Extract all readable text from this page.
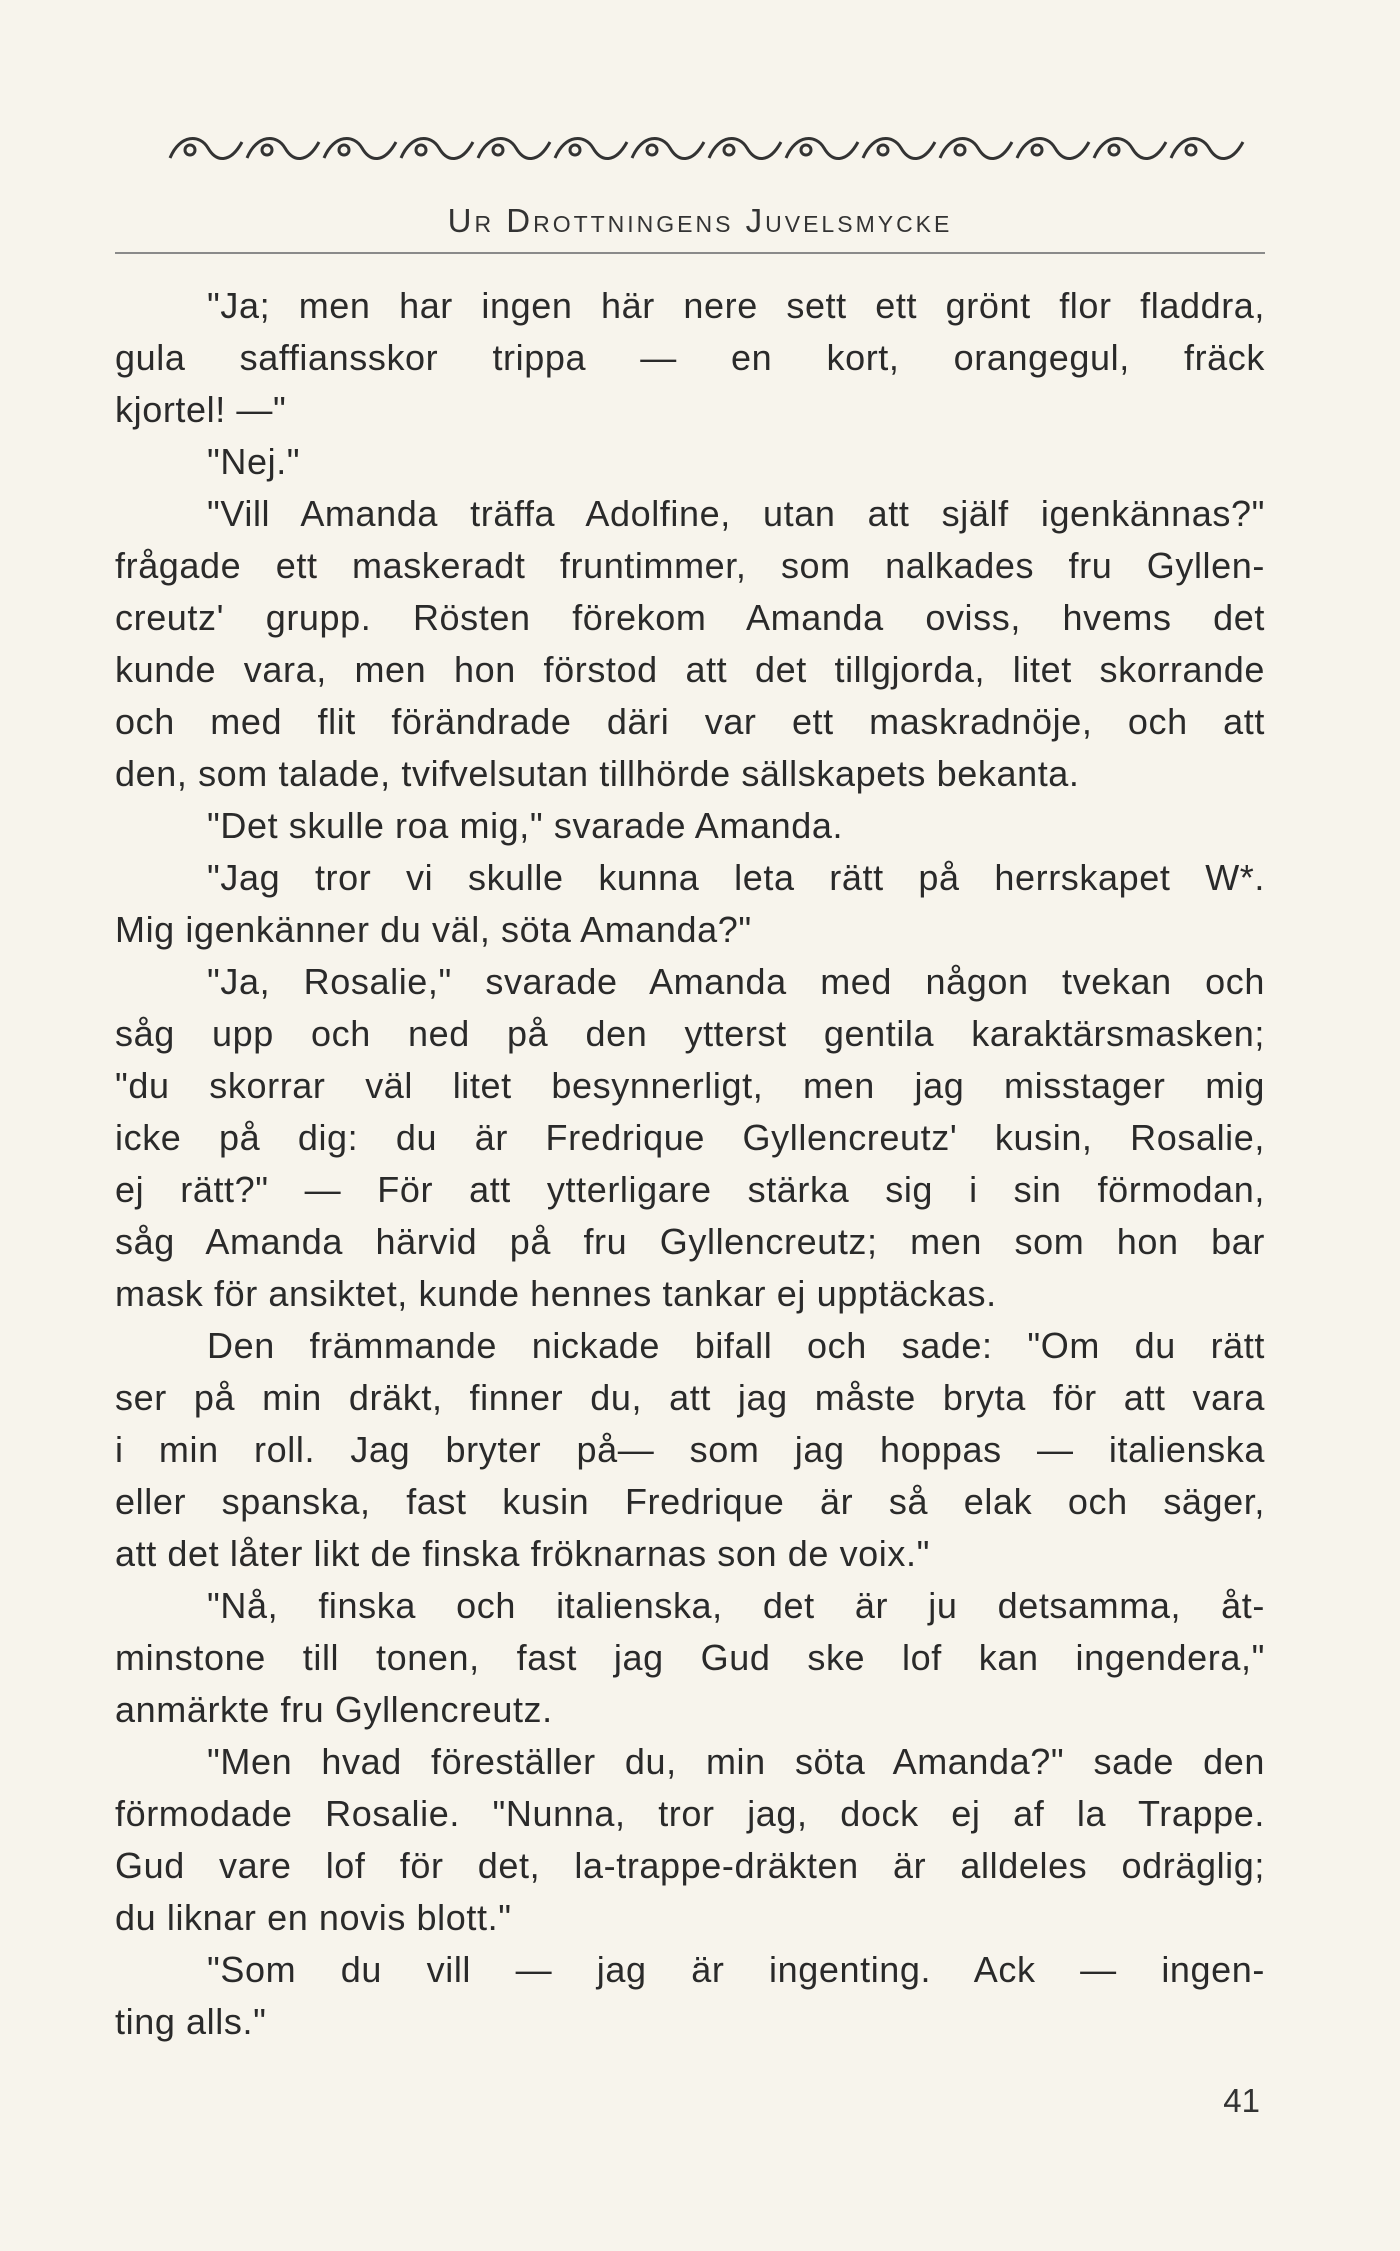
Ur Drottningens Juvelsmycke
"Ja; men har ingen här nere sett ett grönt flor fladdra,
gula saffiansskor trippa — en kort, orangegul, fräck
kjortel! —"
"Nej."
"Vill Amanda träffa Adolfine, utan att själf igenkännas?"
frågade ett maskeradt fruntimmer, som nalkades fru Gyllen-
creutz' grupp. Rösten förekom Amanda oviss, hvems det
kunde vara, men hon förstod att det tillgjorda, litet skorrande
och med flit förändrade däri var ett maskradnöje, och att
den, som talade, tvifvelsutan tillhörde sällskapets bekanta.
"Det skulle roa mig," svarade Amanda.
"Jag tror vi skulle kunna leta rätt på herrskapet W*.
Mig igenkänner du väl, söta Amanda?"
"Ja, Rosalie," svarade Amanda med någon tvekan och
såg upp och ned på den ytterst gentila karaktärsmasken;
"du skorrar väl litet besynnerligt, men jag misstager mig
icke på dig: du är Fredrique Gyllencreutz' kusin, Rosalie,
ej rätt?" — För att ytterligare stärka sig i sin förmodan,
såg Amanda härvid på fru Gyllencreutz; men som hon bar
mask för ansiktet, kunde hennes tankar ej upptäckas.
Den främmande nickade bifall och sade: "Om du rätt
ser på min dräkt, finner du, att jag måste bryta för att vara
i min roll. Jag bryter på— som jag hoppas — italienska
eller spanska, fast kusin Fredrique är så elak och säger,
att det låter likt de finska fröknarnas son de voix."
"Nå, finska och italienska, det är ju detsamma, åt-
minstone till tonen, fast jag Gud ske lof kan ingendera,"
anmärkte fru Gyllencreutz.
"Men hvad föreställer du, min söta Amanda?" sade den
förmodade Rosalie. "Nunna, tror jag, dock ej af la Trappe.
Gud vare lof för det, la-trappe-dräkten är alldeles odräglig;
du liknar en novis blott."
"Som du vill — jag är ingenting. Ack — ingen-
ting alls."
41
